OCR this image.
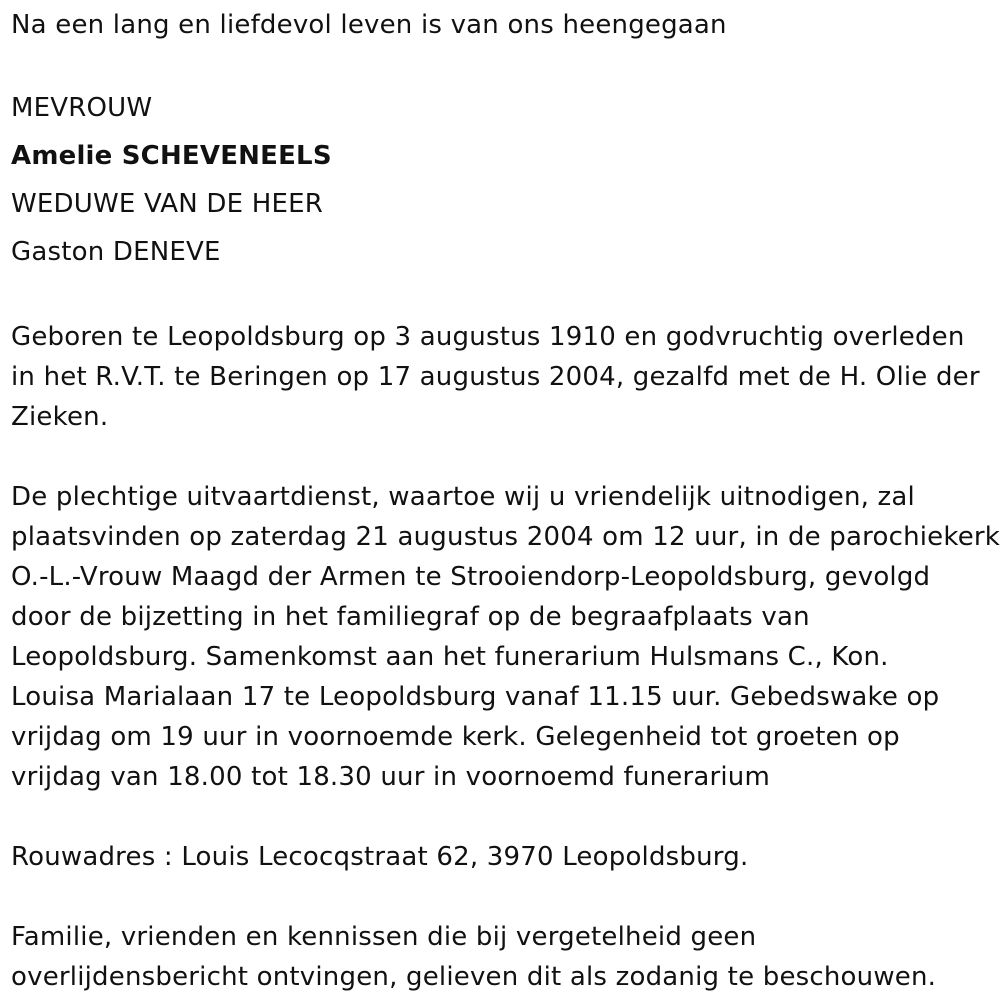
Na een lang en liefdevol leven is van ons heengegaan
MEVROUW
Amelie SCHEVENEELS
WEDUWE VAN DE HEER
Gaston DENEVE
Geboren te Leopoldsburg op 3 augustus 1910 en godvruchtig overleden
in het R.V.T. te Beringen op 17 augustus 2004, gezalfd met de H. Olie der
Zieken.
De plechtige uitvaartdienst, waartoe wij u vriendelijk uitnodigen, zal
plaatsvinden op zaterdag 21 augustus 2004 om 12 uur, in de parochiekerk
O.-L.-Vrouw Maagd der Armen te Strooiendorp-Leopoldsburg, gevolgd
door de bijzetting in het familiegraf op de begraafplaats van
Leopoldsburg. Samenkomst aan het funerarium Hulsmans C., Kon.
Louisa Marialaan 17 te Leopoldsburg vanaf 11.15 uur. Gebedswake op
vrijdag om 19 uur in voornoemde kerk. Gelegenheid tot groeten op
vrijdag van 18.00 tot 18.30 uur in voornoemd funerarium
Rouwadres : Louis Lecocqstraat 62, 3970 Leopoldsburg.
Familie, vrienden en kennissen die bij vergetelheid geen
overlijdensbericht ontvingen, gelieven dit als zodanig te beschouwen.
